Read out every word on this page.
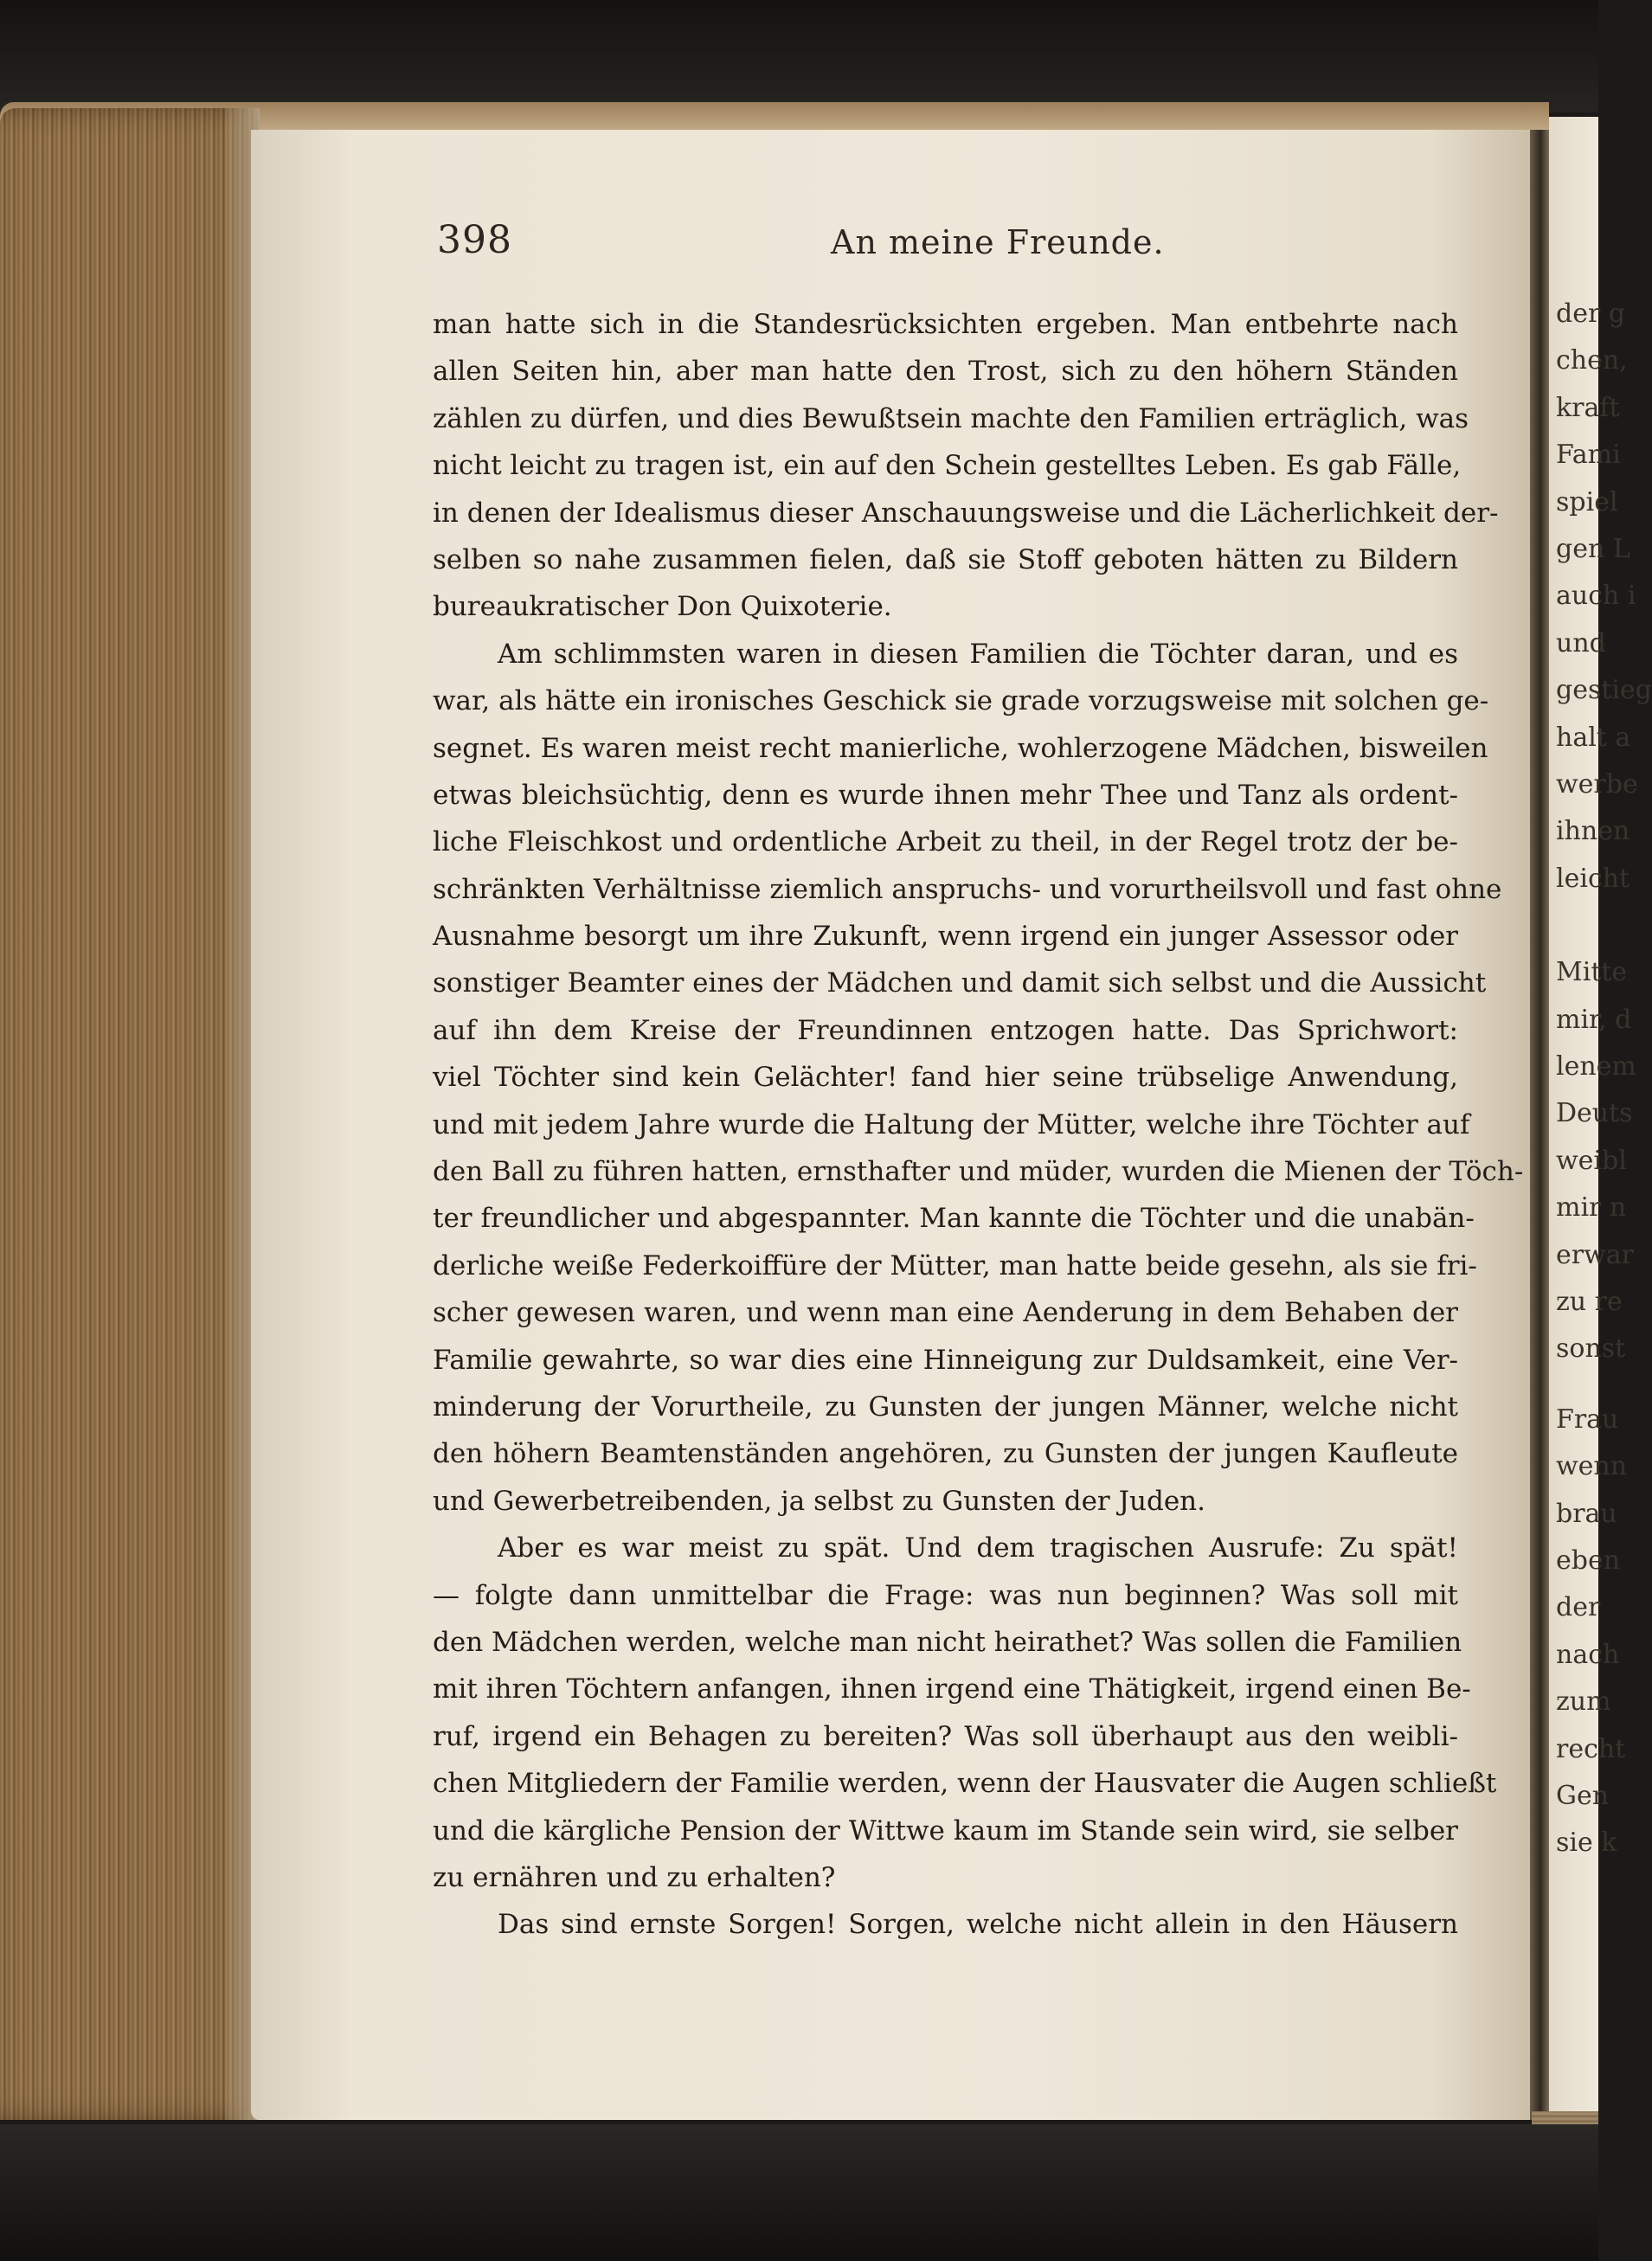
der g
chen,
kraft
Fami
spiel
gen L
auch i
und
gestieg
halt a
werbe
ihnen
leicht
Mitte
mir, d
lenem
Deuts
weibl
mir n
erwar
zu re
sonst
Frau
wenn
brau
eben
der
nach
zum
recht
Gen
sie k
398	An meine Freunde.
man hatte sich in die Standesrücksichten ergeben. Man entbehrte nach
allen Seiten hin, aber man hatte den Trost, sich zu den höhern Ständen
zählen zu dürfen, und dies Bewußtsein machte den Familien erträglich, was
nicht leicht zu tragen ist, ein auf den Schein gestelltes Leben. Es gab Fälle,
in denen der Idealismus dieser Anschauungsweise und die Lächerlichkeit der-
selben so nahe zusammen fielen, daß sie Stoff geboten hätten zu Bildern
bureaukratischer Don Quixoterie.
Am schlimmsten waren in diesen Familien die Töchter daran, und es
war, als hätte ein ironisches Geschick sie grade vorzugsweise mit solchen ge-
segnet. Es waren meist recht manierliche, wohlerzogene Mädchen, bisweilen
etwas bleichsüchtig, denn es wurde ihnen mehr Thee und Tanz als ordent-
liche Fleischkost und ordentliche Arbeit zu theil, in der Regel trotz der be-
schränkten Verhältnisse ziemlich anspruchs- und vorurtheilsvoll und fast ohne
Ausnahme besorgt um ihre Zukunft, wenn irgend ein junger Assessor oder
sonstiger Beamter eines der Mädchen und damit sich selbst und die Aussicht
auf ihn dem Kreise der Freundinnen entzogen hatte. Das Sprichwort:
viel Töchter sind kein Gelächter! fand hier seine trübselige Anwendung,
und mit jedem Jahre wurde die Haltung der Mütter, welche ihre Töchter auf
den Ball zu führen hatten, ernsthafter und müder, wurden die Mienen der Töch-
ter freundlicher und abgespannter. Man kannte die Töchter und die unabän-
derliche weiße Federkoiffüre der Mütter, man hatte beide gesehn, als sie fri-
scher gewesen waren, und wenn man eine Aenderung in dem Behaben der
Familie gewahrte, so war dies eine Hinneigung zur Duldsamkeit, eine Ver-
minderung der Vorurtheile, zu Gunsten der jungen Männer, welche nicht
den höhern Beamtenständen angehören, zu Gunsten der jungen Kaufleute
und Gewerbetreibenden, ja selbst zu Gunsten der Juden.
Aber es war meist zu spät. Und dem tragischen Ausrufe: Zu spät!
— folgte dann unmittelbar die Frage: was nun beginnen? Was soll mit
den Mädchen werden, welche man nicht heirathet? Was sollen die Familien
mit ihren Töchtern anfangen, ihnen irgend eine Thätigkeit, irgend einen Be-
ruf, irgend ein Behagen zu bereiten? Was soll überhaupt aus den weibli-
chen Mitgliedern der Familie werden, wenn der Hausvater die Augen schließt
und die kärgliche Pension der Wittwe kaum im Stande sein wird, sie selber
zu ernähren und zu erhalten?
Das sind ernste Sorgen! Sorgen, welche nicht allein in den Häusern
